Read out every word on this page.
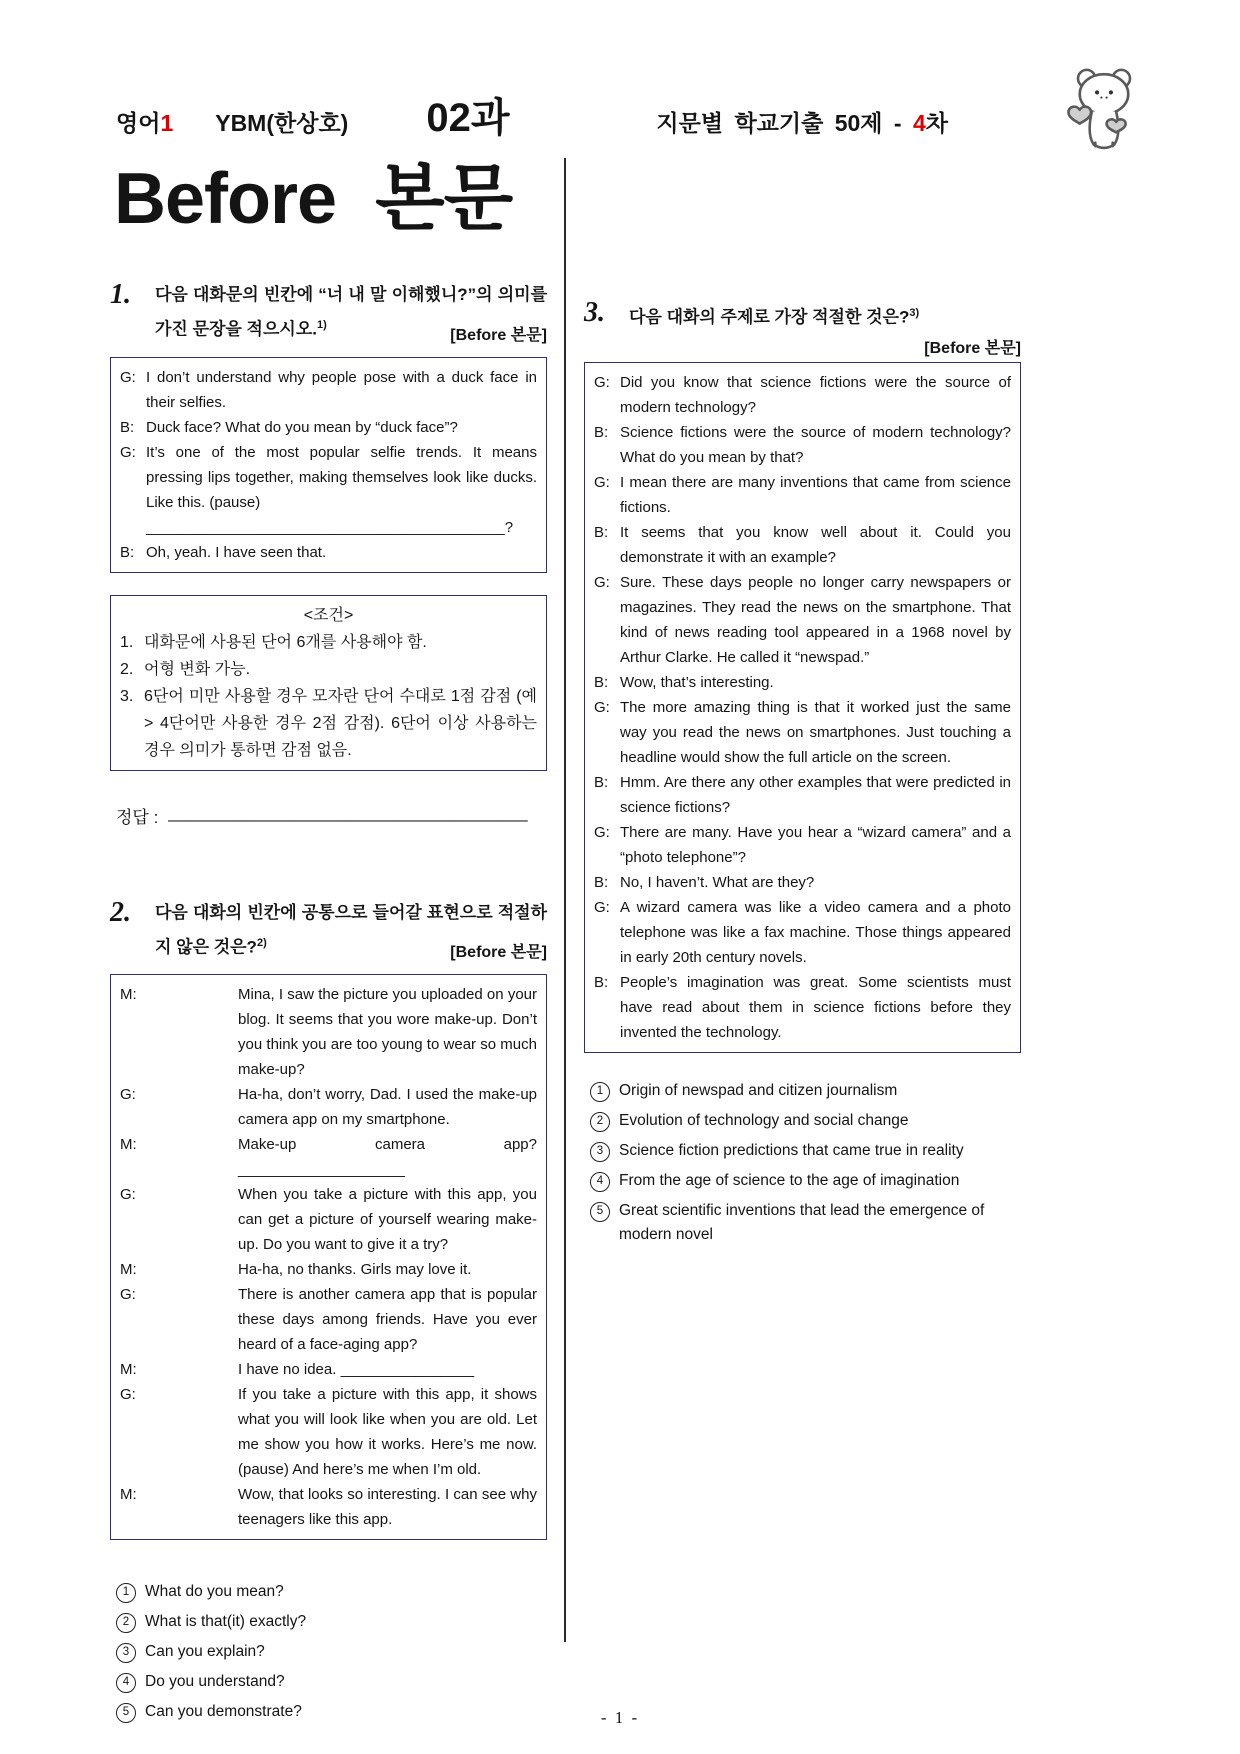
영어1 YBM(한상호) 02과	지문별 학교기출 50제 - 4차
Before 본문
1.	다음 대화문의 빈칸에 “너 내 말 이해했니?”의 의미를 가진 문장을 적으시오.$^{1)}$

[Before 본문]
G: I don’t understand why people pose with a duck face in their selfies.
B: Duck face? What do you mean by “duck face”?
G: It’s one of the most popular selfie trends. It means pressing lips together, making themselves look like ducks. Like this. (pause)
___________________________________________?
B: Oh, yeah. I have seen that.
<조건>
1. 대화문에 사용된 단어 6개를 사용해야 함.
2. 어형 변화 가능.
3. 6단어 미만 사용할 경우 모자란 단어 수대로 1점 감점 (예> 4단어만 사용한 경우 2점 감점). 6단어 이상 사용하는 경우 의미가 통하면 감점 없음.
정답 : ______________________________________
2.	다음 대화의 빈칸에 공통으로 들어갈 표현으로 적절하지 않은 것은?$^{2)}$

[Before 본문]
M:	Mina, I saw the picture you uploaded on your blog. It seems that you wore make-up. Don’t you think you are too young to wear so much make-up?
G:	Ha-ha, don’t worry, Dad. I used the make-up camera app on my smartphone.
M:	Make-up camera app?____________________
G:	When you take a picture with this app, you can get a picture of yourself wearing make-up. Do you want to give it a try?
M:	Ha-ha, no thanks. Girls may love it.
G:	There is another camera app that is popular these days among friends. Have you ever heard of a face-aging app?
M:	I have no idea. ________________
G:	If you take a picture with this app, it shows what you will look like when you are old. Let me show you how it works. Here’s me now. (pause) And here’s me when I’m old.
M:	Wow, that looks so interesting. I can see why teenagers like this app.
1	What do you mean?
2	What is that(it) exactly?
3	Can you explain?
4	Do you understand?
5	Can you demonstrate?
3.	다음 대화의 주제로 가장 적절한 것은?$^{3)}$

[Before 본문]
G: Did you know that science fictions were the source of modern technology?
B: Science fictions were the source of modern technology? What do you mean by that?
G: I mean there are many inventions that came from science fictions.
B: It seems that you know well about it. Could you demonstrate it with an example?
G: Sure. These days people no longer carry newspapers or magazines. They read the news on the smartphone. That kind of news reading tool appeared in a 1968 novel by Arthur Clarke. He called it “newspad.”
B: Wow, that’s interesting.
G: The more amazing thing is that it worked just the same way you read the news on smartphones. Just touching a headline would show the full article on the screen.
B: Hmm. Are there any other examples that were predicted in science fictions?
G: There are many. Have you hear a “wizard camera” and a “photo telephone”?
B: No, I haven’t. What are they?
G: A wizard camera was like a video camera and a photo telephone was like a fax machine. Those things appeared in early 20th century novels.
B: People’s imagination was great. Some scientists must have read about them in science fictions before they invented the technology.
1	Origin of newspad and citizen journalism
2	Evolution of technology and social change
3	Science fiction predictions that came true in reality
4	From the age of science to the age of imagination
5	Great scientific inventions that lead the emergence of modern novel
- 1 -
